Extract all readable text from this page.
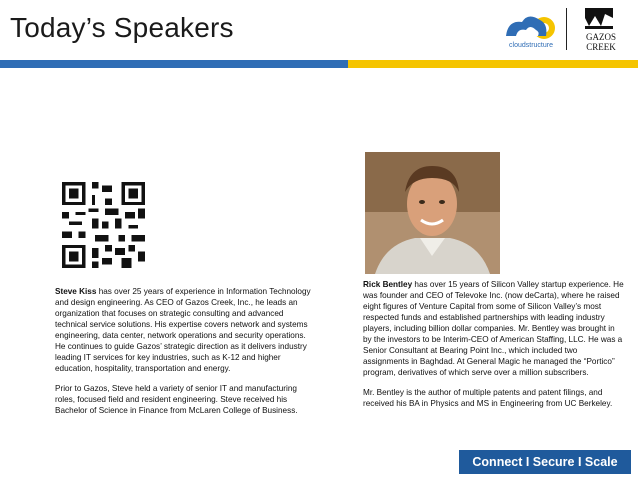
Today’s Speakers
cloudstructure
GAZOS
CREEK

Steve Kiss has over 25 years of experience in Information Technology and design engineering. As CEO of Gazos Creek, Inc., he leads an organization that focuses on strategic consulting and advanced technical service solutions. His expertise covers network and systems engineering, data center, network operations and security operations. He continues to guide Gazos’ strategic direction as it delivers industry leading IT services for key industries, such as K-12 and higher education, hospitality, transportation and energy.

Prior to Gazos, Steve held a variety of senior IT and manufacturing roles, focused field and resident engineering. Steve received his Bachelor of Science in Finance from McLaren College of Business.

Rick Bentley has over 15 years of Silicon Valley startup experience. He was founder and CEO of Televoke Inc. (now deCarta), where he raised eight figures of Venture Capital from some of Silicon Valley’s most respected funds and established partnerships with leading industry players, including billion dollar companies. Mr. Bentley was brought in by the investors to be Interim-CEO of American Staffing, LLC. He was a Senior Consultant at Bearing Point Inc., which included two assignments in Baghdad. At General Magic he managed the “Portico” program, derivatives of which serve over a million subscribers.

Mr. Bentley is the author of multiple patents and patent filings, and received his BA in Physics and MS in Engineering from UC Berkeley.

Connect I Secure I Scale
